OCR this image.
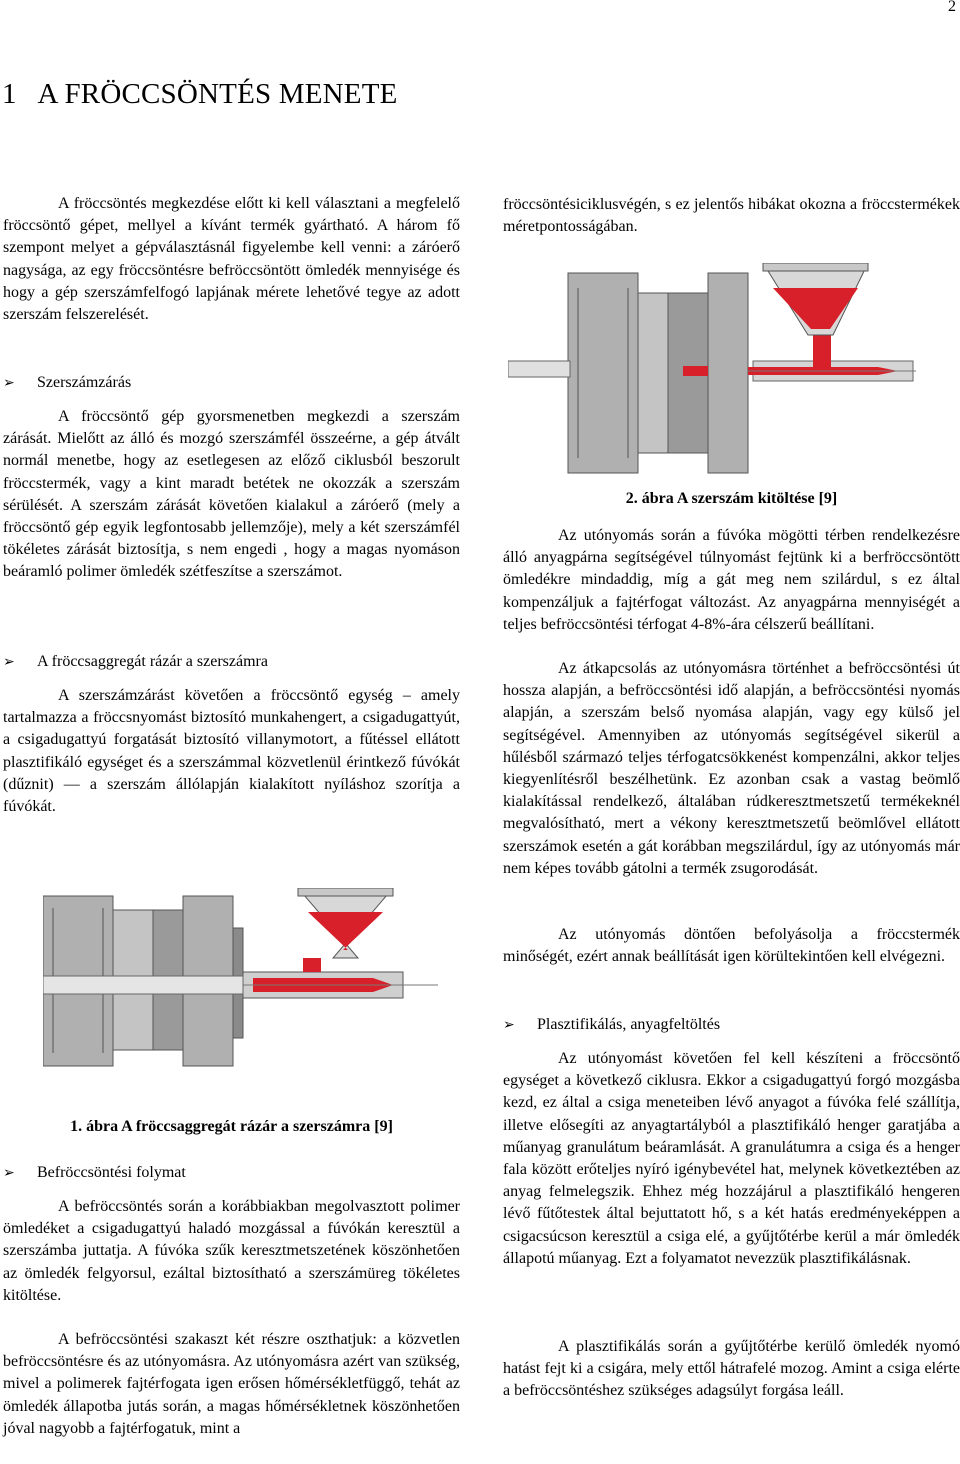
2
1   A FRÖCCSÖNTÉS MENETE

A fröccsöntés megkezdése előtt ki kell választani a megfelelő fröccsöntő gépet, mellyel a kívánt termék gyártható. A három fő szempont melyet a gépválasztásnál figyelembe kell venni: a záróerő nagysága, az egy fröccsöntésre befröccsöntött ömledék mennyisége és hogy a gép szerszámfelfogó lapjának mérete lehetővé tegye az adott szerszám felszerelését.

➢	Szerszámzárás

A fröccsöntő gép gyorsmenetben megkezdi a szerszám zárását. Mielőtt az álló és mozgó szerszámfél összeérne, a gép átvált normál menetbe, hogy az esetlegesen az előző ciklusból beszorult fröccstermék, vagy a kint maradt betétek ne okozzák a szerszám sérülését. A szerszám zárását követően kialakul a záróerő (mely a fröccsöntő gép egyik legfontosabb jellemzője), mely a két szerszámfél tökéletes zárását biztosítja, s nem engedi , hogy a magas nyomáson beáramló polimer ömledék szétfeszítse a szerszámot.

➢	A fröccsaggregát rázár a szerszámra

A szerszámzárást követően a fröccsöntő egység – amely tartalmazza a fröccsnyomást biztosító munkahengert, a csigadugattyút, a csigadugattyú forgatását biztosító villanymotort, a fűtéssel ellátott plasztifikáló egységet és a szerszámmal közvetlenül érintkező fúvókát (dűznit) — a szerszám állólapján kialakított nyíláshoz szorítja a fúvókát.

1. ábra A fröccsaggregát rázár a szerszámra [9]

➢	Befröccsöntési folymat

A befröccsöntés során a korábbiakban megolvasztott polimer ömledéket a csigadugattyú haladó mozgással a fúvókán keresztül a szerszámba juttatja. A fúvóka szűk keresztmetszetének köszönhetően az ömledék felgyorsul, ezáltal biztosítható a szerszámüreg tökéletes kitöltése.

A befröccsöntési szakaszt két részre oszthatjuk: a közvetlen befröccsöntésre és az utónyomásra. Az utónyomásra azért van szükség, mivel a polimerek fajtérfogata igen erősen hőmérsékletfüggő, tehát az ömledék állapotba jutás során, a magas hőmérsékletnek köszönhetően jóval nagyobb a fajtérfogatuk, mint a

fröccsöntésiciklusvégén, s ez jelentős hibákat okozna a fröccstermékek méretpontosságában.

2. ábra A szerszám kitöltése [9]

Az utónyomás során a fúvóka mögötti térben rendelkezésre álló anyagpárna segítségével túlnyomást fejtünk ki a berfröccsöntött ömledékre mindaddig, míg a gát meg nem szilárdul, s ez által kompenzáljuk a fajtérfogat változást. Az anyagpárna mennyiségét a teljes befröccsöntési térfogat 4-8%-ára célszerű beállítani.

Az átkapcsolás az utónyomásra történhet a befröccsöntési út hossza alapján, a befröccsöntési idő alapján, a befröccsöntési nyomás alapján, a szerszám belső nyomása alapján, vagy egy külső jel segítségével. Amennyiben az utónyomás segítségével sikerül a hűlésből származó teljes térfogatcsökkenést kompenzálni, akkor teljes kiegyenlítésről beszélhetünk. Ez azonban csak a vastag beömlő kialakítással rendelkező, általában rúdkeresztmetszetű termékeknél megvalósítható, mert a vékony keresztmetszetű beömlővel ellátott szerszámok esetén a gát korábban megszilárdul, így az utónyomás már nem képes tovább gátolni a termék zsugorodását.

Az utónyomás döntően befolyásolja a fröccstermék minőségét, ezért annak beállítását igen körültekintően kell elvégezni.

➢	Plasztifikálás, anyagfeltöltés

Az utónyomást követően fel kell készíteni a fröccsöntő egységet a következő ciklusra. Ekkor a csigadugattyú forgó mozgásba kezd, ez által a csiga meneteiben lévő anyagot a fúvóka felé szállítja, illetve elősegíti az anyagtartályból a plasztifikáló henger garatjába a műanyag granulátum beáramlását. A granulátumra a csiga és a henger fala között erőteljes nyíró igénybevétel hat, melynek következtében az anyag felmelegszik. Ehhez még hozzájárul a plasztifikáló hengeren lévő fűtőtestek által bejuttatott hő, s a két hatás eredményeképpen a csigacsúcson keresztül a csiga elé, a gyűjtőtérbe kerül a már ömledék állapotú műanyag. Ezt a folyamatot nevezzük plasztifikálásnak.

A plasztifikálás során a gyűjtőtérbe kerülő ömledék nyomó hatást fejt ki a csigára, mely ettől hátrafelé mozog. Amint a csiga elérte a befröccsöntéshez szükséges adagsúlyt forgása leáll.
